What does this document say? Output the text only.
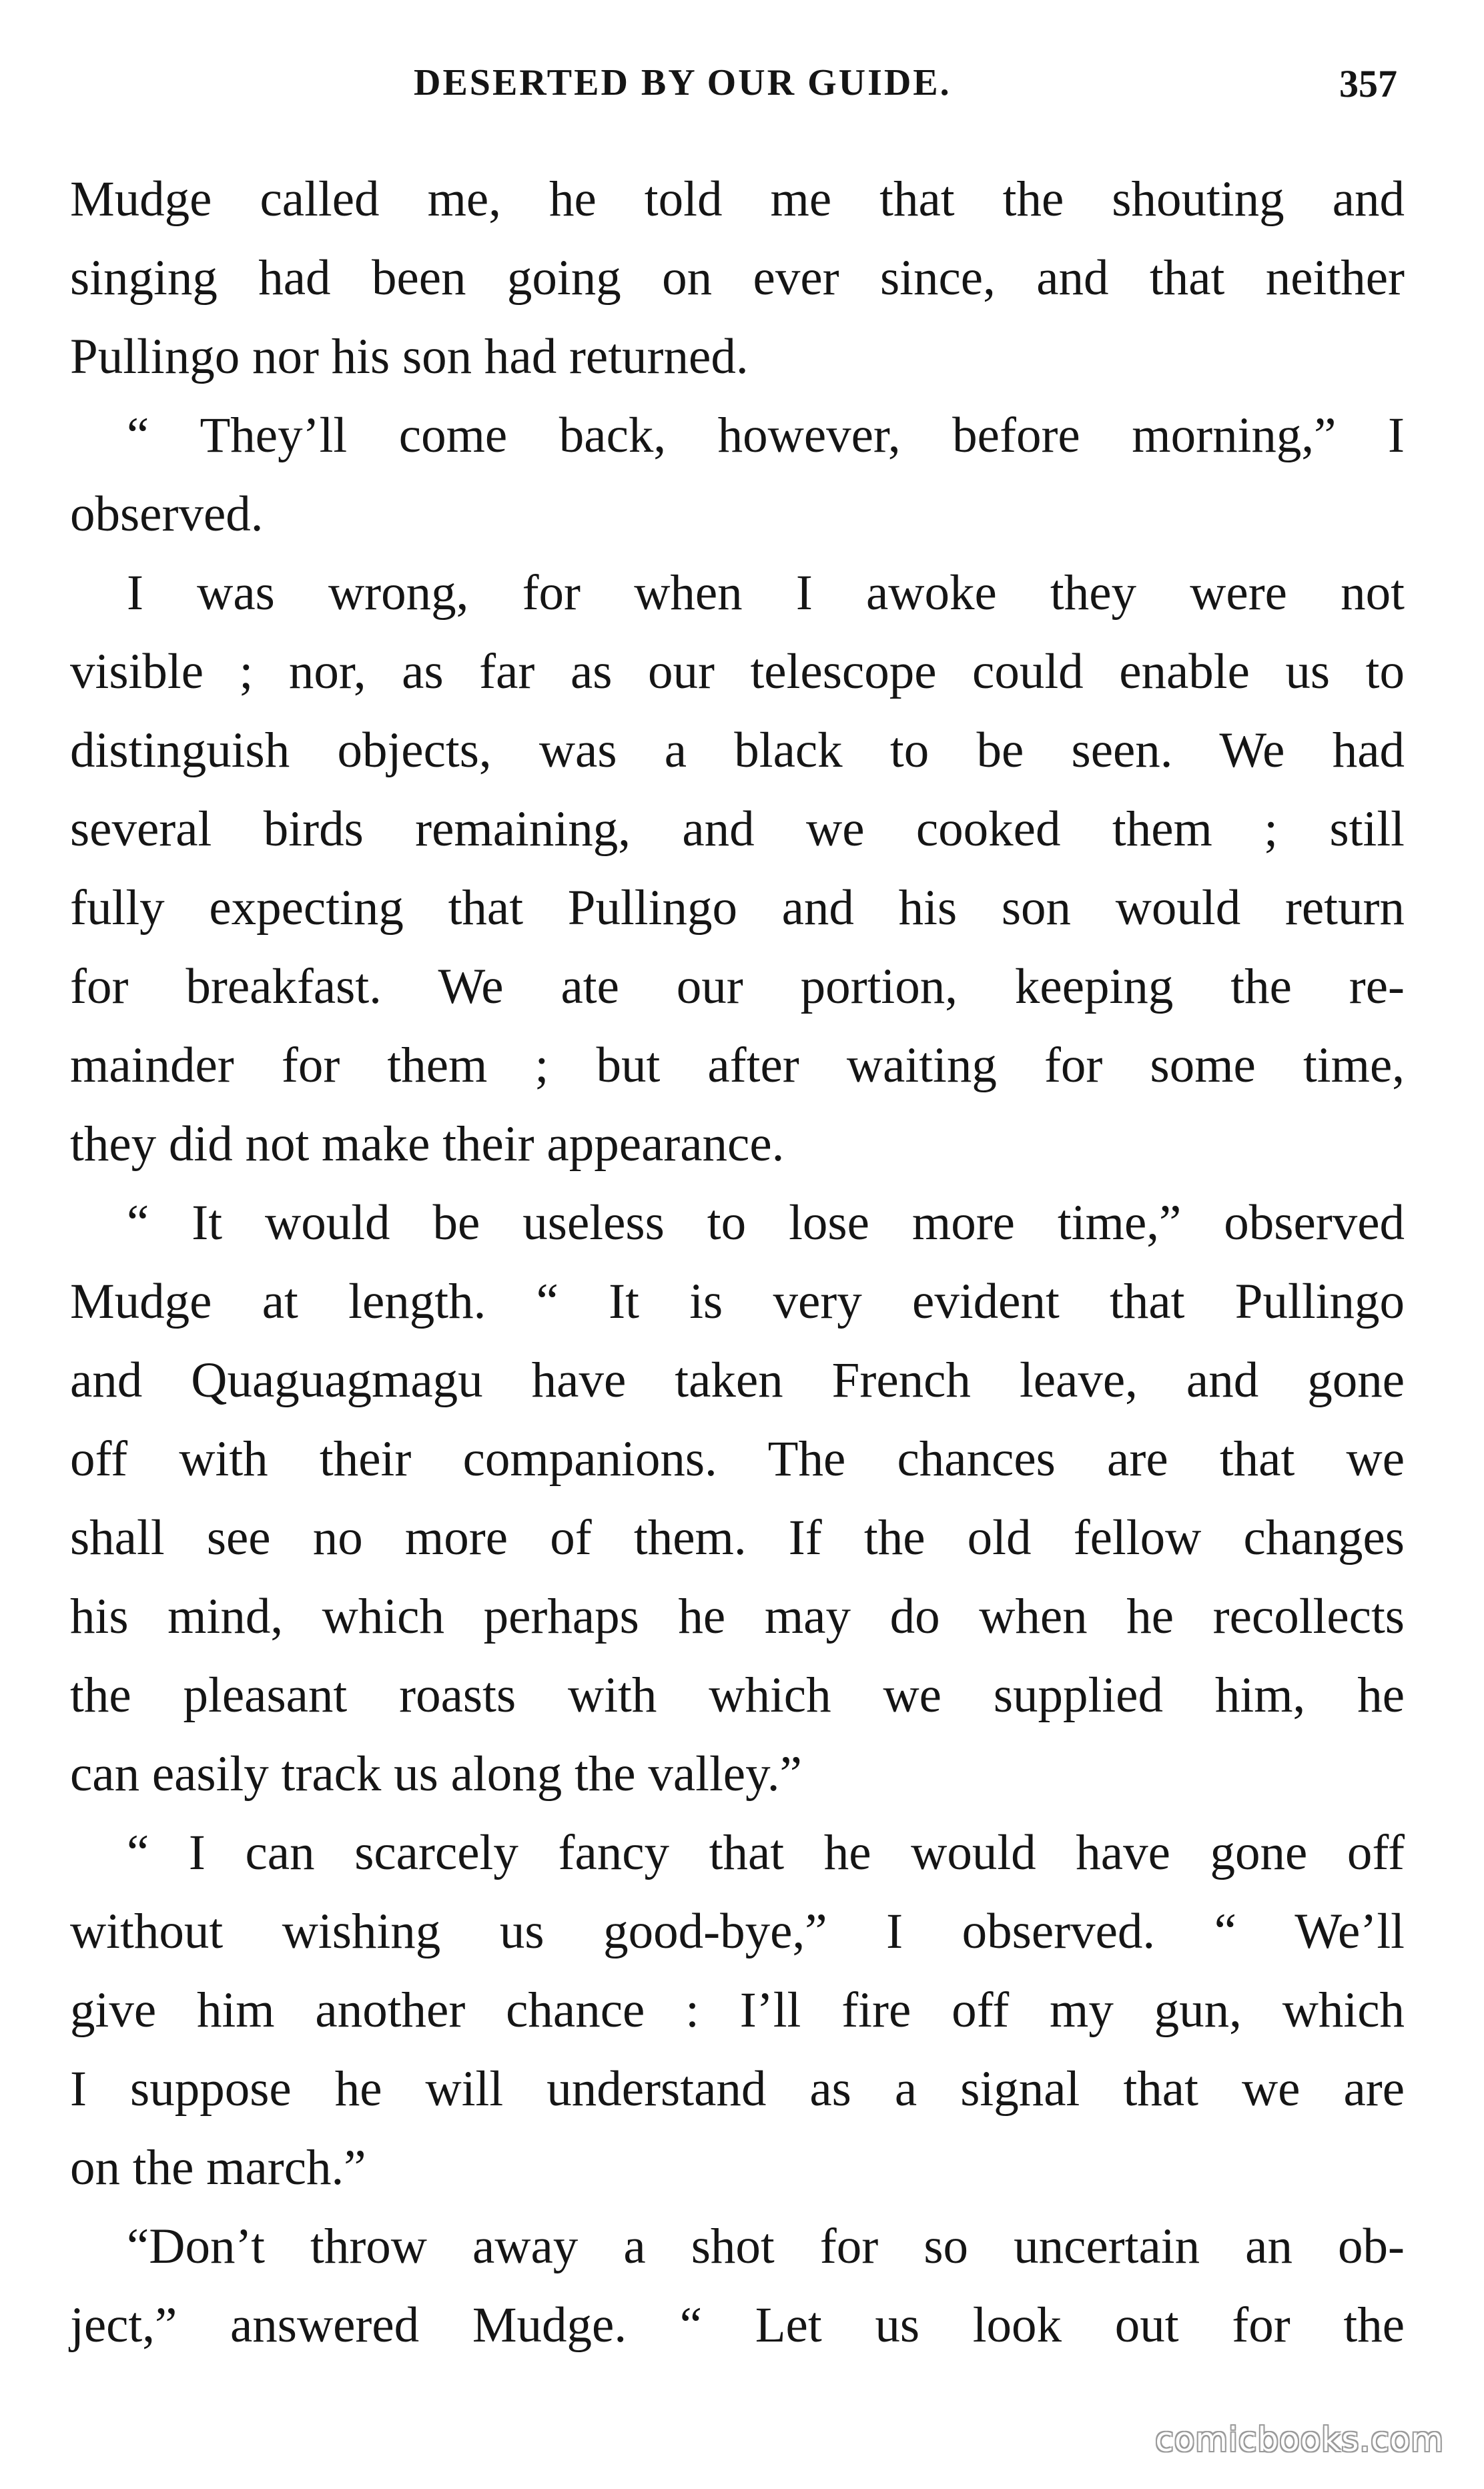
DESERTED BY OUR GUIDE.	357
Mudge called me, he told me that the shouting and
singing had been going on ever since, and that neither
Pullingo nor his son had returned.
“ They’ll come back, however, before morning,” I
observed.
I was wrong, for when I awoke they were not
visible ; nor, as far as our telescope could enable us to
distinguish objects, was a black to be seen. We had
several birds remaining, and we cooked them ; still
fully expecting that Pullingo and his son would return
for breakfast. We ate our portion, keeping the re-
mainder for them ; but after waiting for some time,
they did not make their appearance.
“ It would be useless to lose more time,” observed
Mudge at length. “ It is very evident that Pullingo
and Quaguagmagu have taken French leave, and gone
off with their companions. The chances are that we
shall see no more of them. If the old fellow changes
his mind, which perhaps he may do when he recollects
the pleasant roasts with which we supplied him, he
can easily track us along the valley.”
“ I can scarcely fancy that he would have gone off
without wishing us good-bye,” I observed. “ We’ll
give him another chance : I’ll fire off my gun, which
I suppose he will understand as a signal that we are
on the march.”
“Don’t throw away a shot for so uncertain an ob-
ject,” answered Mudge. “ Let us look out for the
comicbooks.com
